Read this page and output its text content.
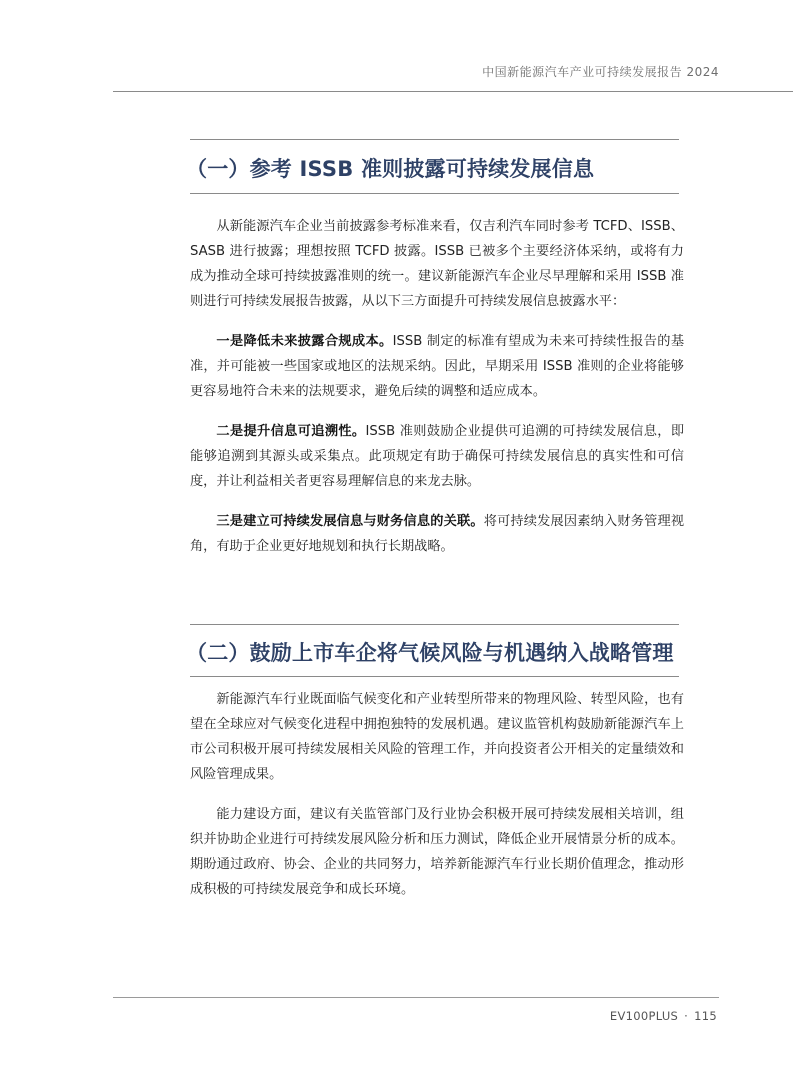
中国新能源汽车产业可持续发展报告 2024
（一）参考 ISSB 准则披露可持续发展信息

从新能源汽车企业当前披露参考标准来看，仅吉利汽车同时参考 TCFD、ISSB、SASB 进行披露；理想按照 TCFD 披露。ISSB 已被多个主要经济体采纳，或将有力成为推动全球可持续披露准则的统一。建议新能源汽车企业尽早理解和采用 ISSB 准则进行可持续发展报告披露，从以下三方面提升可持续发展信息披露水平：

一是降低未来披露合规成本。ISSB 制定的标准有望成为未来可持续性报告的基准，并可能被一些国家或地区的法规采纳。因此，早期采用 ISSB 准则的企业将能够更容易地符合未来的法规要求，避免后续的调整和适应成本。

二是提升信息可追溯性。ISSB 准则鼓励企业提供可追溯的可持续发展信息，即能够追溯到其源头或采集点。此项规定有助于确保可持续发展信息的真实性和可信度，并让利益相关者更容易理解信息的来龙去脉。

三是建立可持续发展信息与财务信息的关联。将可持续发展因素纳入财务管理视角，有助于企业更好地规划和执行长期战略。

（二）鼓励上市车企将气候风险与机遇纳入战略管理

新能源汽车行业既面临气候变化和产业转型所带来的物理风险、转型风险，也有望在全球应对气候变化进程中拥抱独特的发展机遇。建议监管机构鼓励新能源汽车上市公司积极开展可持续发展相关风险的管理工作，并向投资者公开相关的定量绩效和风险管理成果。

能力建设方面，建议有关监管部门及行业协会积极开展可持续发展相关培训，组织并协助企业进行可持续发展风险分析和压力测试，降低企业开展情景分析的成本。期盼通过政府、协会、企业的共同努力，培养新能源汽车行业长期价值理念，推动形成积极的可持续发展竞争和成长环境。

EV100PLUS · 115
